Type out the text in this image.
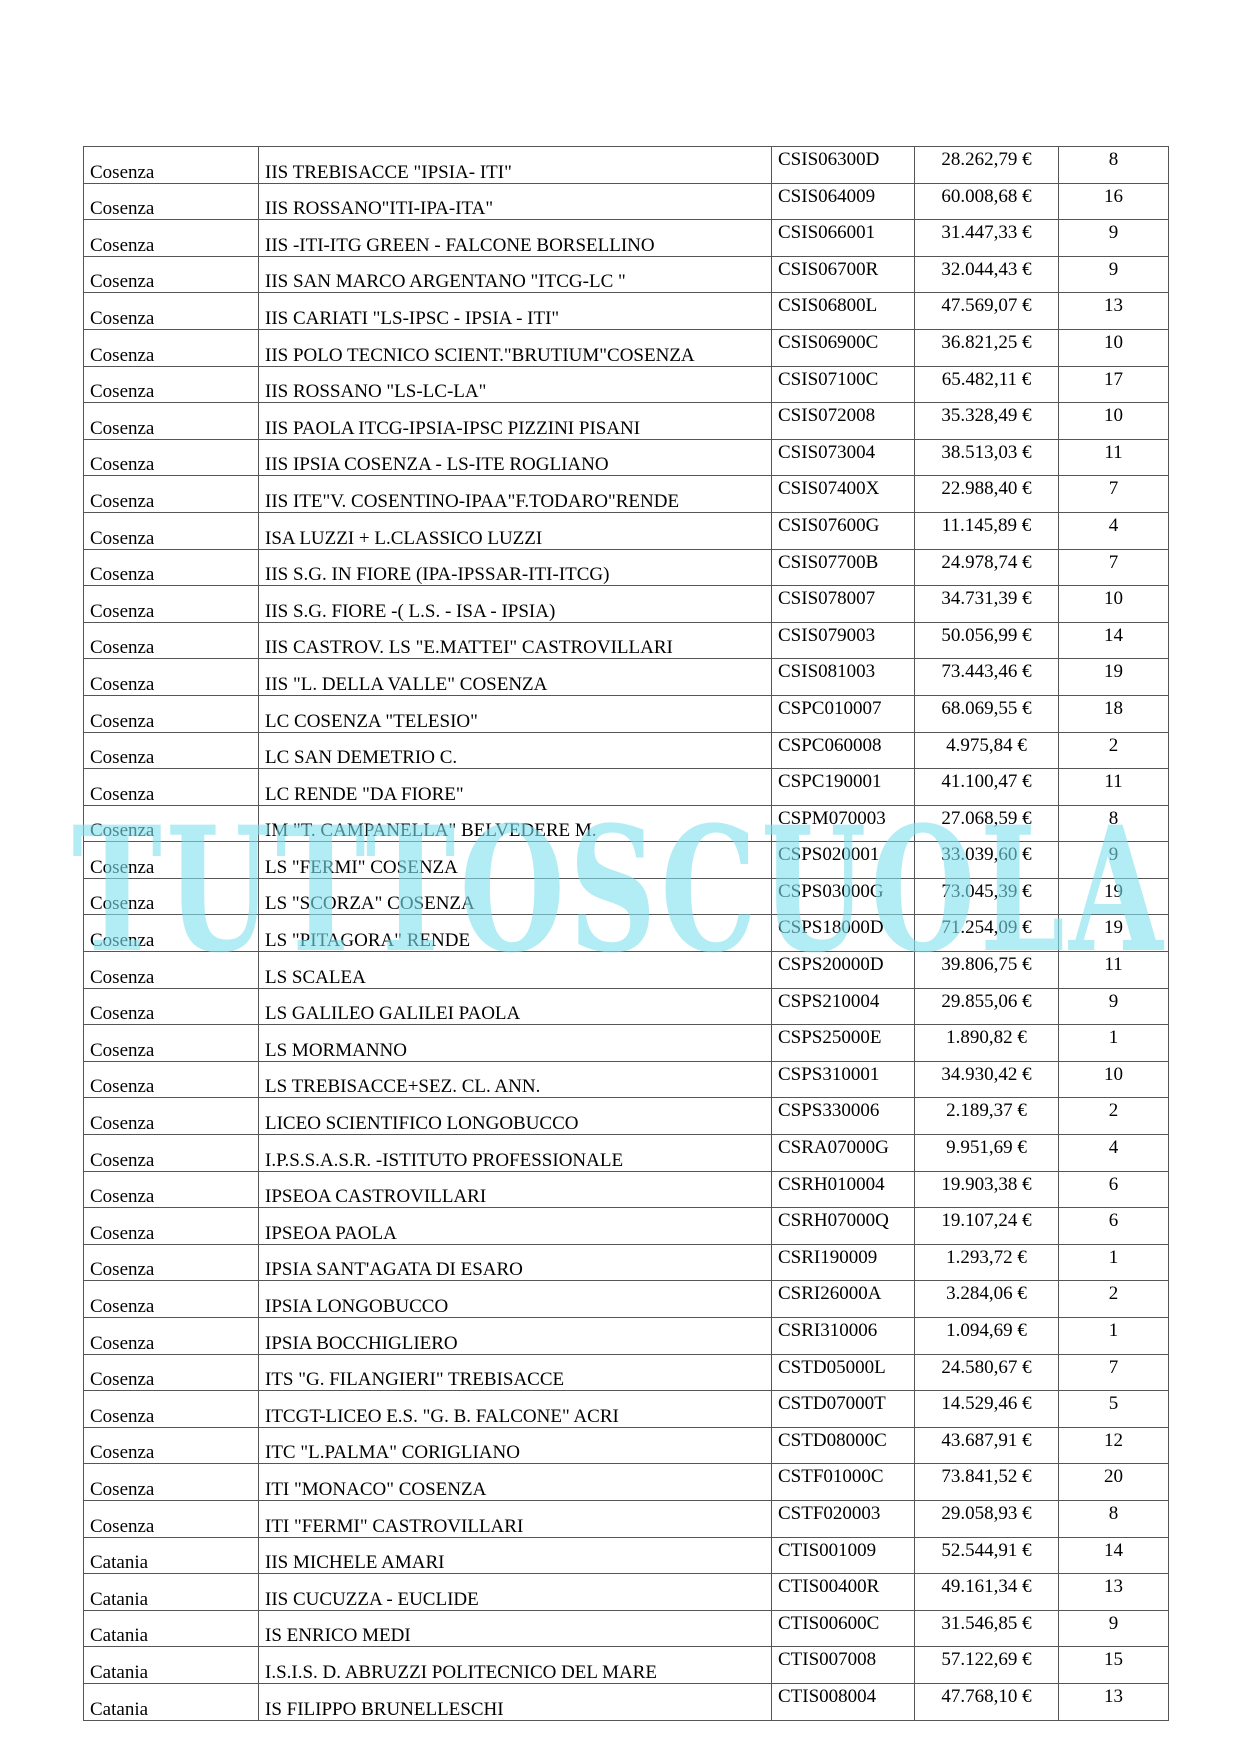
Cosenza	IIS TREBISACCE "IPSIA- ITI"	CSIS06300D	28.262,79 €	8
Cosenza	IIS ROSSANO"ITI-IPA-ITA"	CSIS064009	60.008,68 €	16
Cosenza	IIS -ITI-ITG GREEN - FALCONE BORSELLINO	CSIS066001	31.447,33 €	9
Cosenza	IIS SAN MARCO ARGENTANO "ITCG-LC "	CSIS06700R	32.044,43 €	9
Cosenza	IIS CARIATI "LS-IPSC - IPSIA - ITI"	CSIS06800L	47.569,07 €	13
Cosenza	IIS POLO TECNICO SCIENT."BRUTIUM"COSENZA	CSIS06900C	36.821,25 €	10
Cosenza	IIS ROSSANO "LS-LC-LA"	CSIS07100C	65.482,11 €	17
Cosenza	IIS PAOLA ITCG-IPSIA-IPSC PIZZINI PISANI	CSIS072008	35.328,49 €	10
Cosenza	IIS IPSIA COSENZA - LS-ITE ROGLIANO	CSIS073004	38.513,03 €	11
Cosenza	IIS ITE"V. COSENTINO-IPAA"F.TODARO"RENDE	CSIS07400X	22.988,40 €	7
Cosenza	ISA LUZZI + L.CLASSICO LUZZI	CSIS07600G	11.145,89 €	4
Cosenza	IIS S.G. IN FIORE (IPA-IPSSAR-ITI-ITCG)	CSIS07700B	24.978,74 €	7
Cosenza	IIS S.G. FIORE -( L.S. - ISA - IPSIA)	CSIS078007	34.731,39 €	10
Cosenza	IIS CASTROV. LS "E.MATTEI" CASTROVILLARI	CSIS079003	50.056,99 €	14
Cosenza	IIS "L. DELLA VALLE" COSENZA	CSIS081003	73.443,46 €	19
Cosenza	LC COSENZA "TELESIO"	CSPC010007	68.069,55 €	18
Cosenza	LC SAN DEMETRIO C.	CSPC060008	4.975,84 €	2
Cosenza	LC RENDE "DA FIORE"	CSPC190001	41.100,47 €	11
Cosenza	IM "T. CAMPANELLA" BELVEDERE M.	CSPM070003	27.068,59 €	8
Cosenza	LS "FERMI" COSENZA	CSPS020001	33.039,60 €	9
Cosenza	LS "SCORZA" COSENZA	CSPS03000G	73.045,39 €	19
Cosenza	LS "PITAGORA" RENDE	CSPS18000D	71.254,09 €	19
Cosenza	LS SCALEA	CSPS20000D	39.806,75 €	11
Cosenza	LS GALILEO GALILEI PAOLA	CSPS210004	29.855,06 €	9
Cosenza	LS MORMANNO	CSPS25000E	1.890,82 €	1
Cosenza	LS TREBISACCE+SEZ. CL. ANN.	CSPS310001	34.930,42 €	10
Cosenza	LICEO SCIENTIFICO LONGOBUCCO	CSPS330006	2.189,37 €	2
Cosenza	I.P.S.S.A.S.R. -ISTITUTO PROFESSIONALE	CSRA07000G	9.951,69 €	4
Cosenza	IPSEOA CASTROVILLARI	CSRH010004	19.903,38 €	6
Cosenza	IPSEOA PAOLA	CSRH07000Q	19.107,24 €	6
Cosenza	IPSIA SANT'AGATA DI ESARO	CSRI190009	1.293,72 €	1
Cosenza	IPSIA LONGOBUCCO	CSRI26000A	3.284,06 €	2
Cosenza	IPSIA BOCCHIGLIERO	CSRI310006	1.094,69 €	1
Cosenza	ITS "G. FILANGIERI" TREBISACCE	CSTD05000L	24.580,67 €	7
Cosenza	ITCGT-LICEO E.S. "G. B. FALCONE" ACRI	CSTD07000T	14.529,46 €	5
Cosenza	ITC "L.PALMA" CORIGLIANO	CSTD08000C	43.687,91 €	12
Cosenza	ITI "MONACO" COSENZA	CSTF01000C	73.841,52 €	20
Cosenza	ITI "FERMI" CASTROVILLARI	CSTF020003	29.058,93 €	8
Catania	IIS MICHELE AMARI	CTIS001009	52.544,91 €	14
Catania	IIS CUCUZZA - EUCLIDE	CTIS00400R	49.161,34 €	13
Catania	IS ENRICO MEDI	CTIS00600C	31.546,85 €	9
Catania	I.S.I.S. D. ABRUZZI POLITECNICO DEL MARE	CTIS007008	57.122,69 €	15
Catania	IS FILIPPO BRUNELLESCHI	CTIS008004	47.768,10 €	13
TUTTOSCUOLA
